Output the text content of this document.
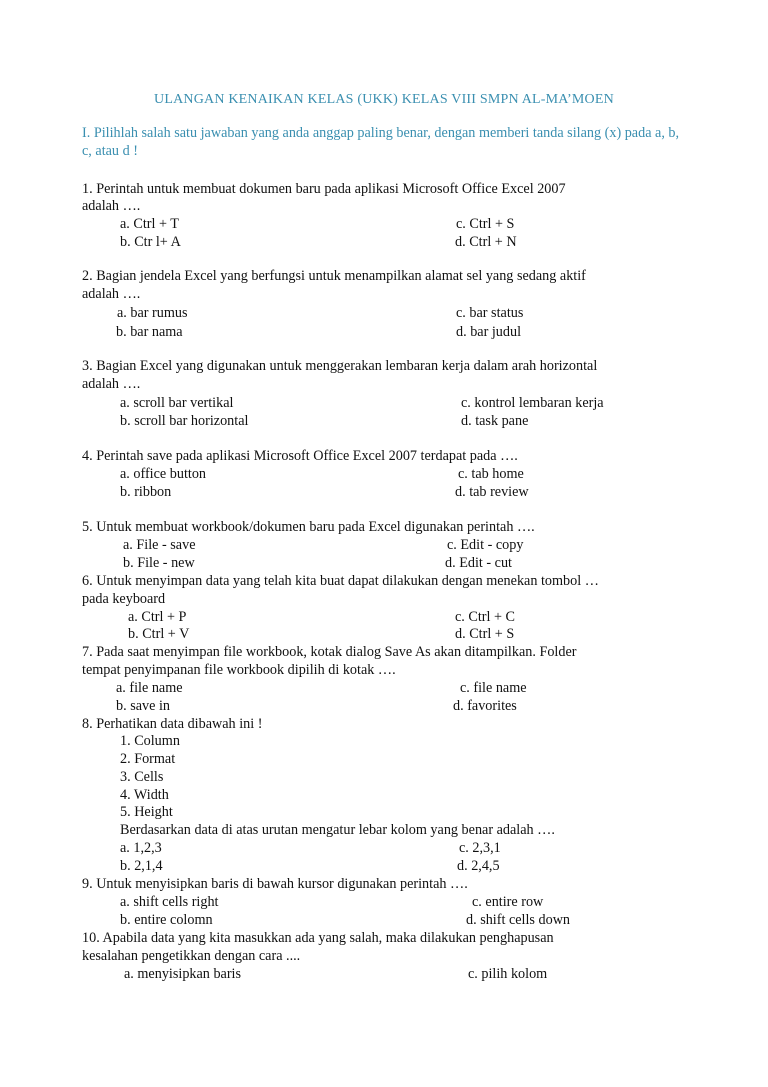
ULANGAN KENAIKAN KELAS (UKK) KELAS VIII SMPN AL-MA’MOEN
I. Pilihlah salah satu jawaban yang anda anggap paling benar, dengan memberi tanda silang (x) pada a, b, c, atau d !
1. Perintah untuk membuat dokumen baru pada aplikasi Microsoft Office Excel 2007
adalah ….
a. Ctrl + T	c. Ctrl + S
b. Ctr l+ A	d. Ctrl + N
2. Bagian jendela Excel yang berfungsi untuk menampilkan alamat sel yang sedang aktif
adalah ….
a. bar rumus	c. bar status
b. bar nama	d. bar judul
3. Bagian Excel yang digunakan untuk menggerakan lembaran kerja dalam arah horizontal
adalah ….
a. scroll bar vertikal	c. kontrol lembaran kerja
b. scroll bar horizontal	d. task pane
4. Perintah save pada aplikasi Microsoft Office Excel 2007 terdapat pada ….
a. office button	c. tab home
b. ribbon	d. tab review
5. Untuk membuat workbook/dokumen baru pada Excel digunakan perintah ….
a. File - save	c. Edit - copy
b. File - new	d. Edit - cut
6. Untuk menyimpan data yang telah kita buat dapat dilakukan dengan menekan tombol …
pada keyboard
a. Ctrl + P	c. Ctrl + C
b. Ctrl + V	d. Ctrl + S
7. Pada saat menyimpan file workbook, kotak dialog Save As akan ditampilkan. Folder
tempat penyimpanan file workbook dipilih di kotak ….
a. file name	c. file name
b. save in	d. favorites
8. Perhatikan data dibawah ini !
1. Column
2. Format
3. Cells
4. Width
5. Height
Berdasarkan data di atas urutan mengatur lebar kolom yang benar adalah ….
a. 1,2,3	c. 2,3,1
b. 2,1,4	d. 2,4,5
9. Untuk menyisipkan baris di bawah kursor digunakan perintah ….
a. shift cells right	c. entire row
b. entire colomn	d. shift cells down
10. Apabila data yang kita masukkan ada yang salah, maka dilakukan penghapusan
kesalahan pengetikkan dengan cara ....
a. menyisipkan baris	c. pilih kolom
